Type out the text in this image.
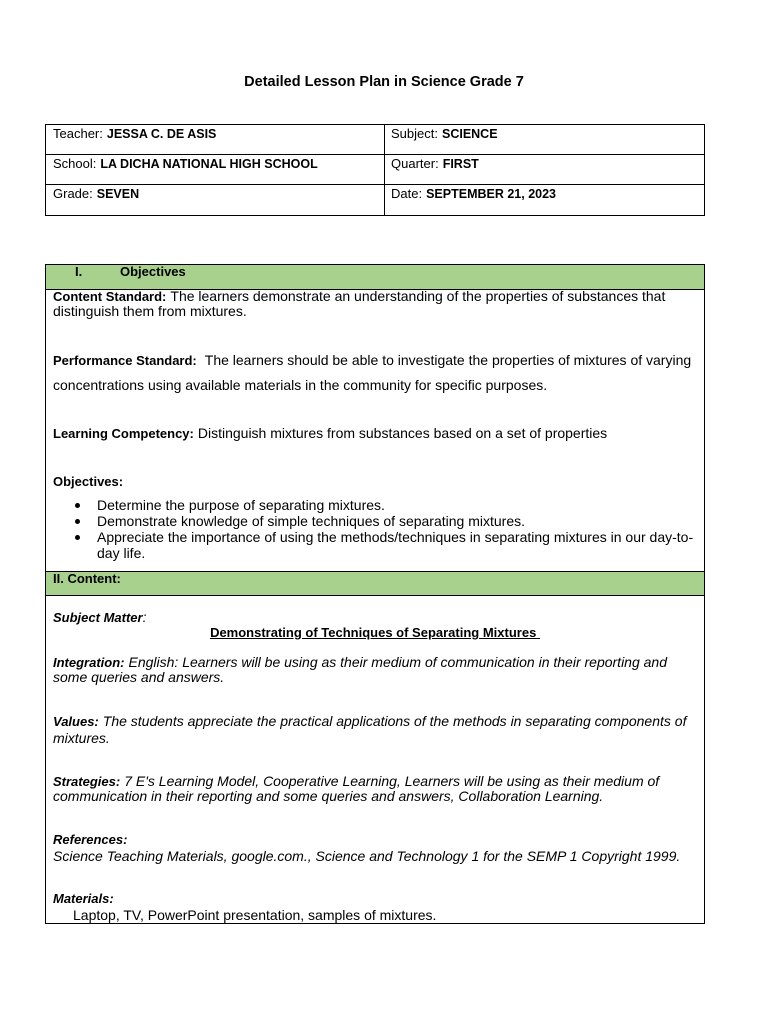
Detailed Lesson Plan in Science Grade 7
Teacher: JESSA C. DE ASIS	Subject: SCIENCE
School: LA DICHA NATIONAL HIGH SCHOOL	Quarter: FIRST
Grade: SEVEN	Date: SEPTEMBER 21, 2023
I.	Objectives
Content Standard: The learners demonstrate an understanding of the properties of substances that
distinguish them from mixtures.
Performance Standard: The learners should be able to investigate the properties of mixtures of varying
concentrations using available materials in the community for specific purposes.
Learning Competency: Distinguish mixtures from substances based on a set of properties
Objectives:
Determine the purpose of separating mixtures.
Demonstrate knowledge of simple techniques of separating mixtures.
Appreciate the importance of using the methods/techniques in separating mixtures in our day-to-
day life.
II. Content:
Subject Matter:
Demonstrating of Techniques of Separating Mixtures
Integration: English: Learners will be using as their medium of communication in their reporting and
some queries and answers.
Values: The students appreciate the practical applications of the methods in separating components of
mixtures.
Strategies: 7 E's Learning Model, Cooperative Learning, Learners will be using as their medium of
communication in their reporting and some queries and answers, Collaboration Learning.
References:
Science Teaching Materials, google.com., Science and Technology 1 for the SEMP 1 Copyright 1999.
Materials:
Laptop, TV, PowerPoint presentation, samples of mixtures.
